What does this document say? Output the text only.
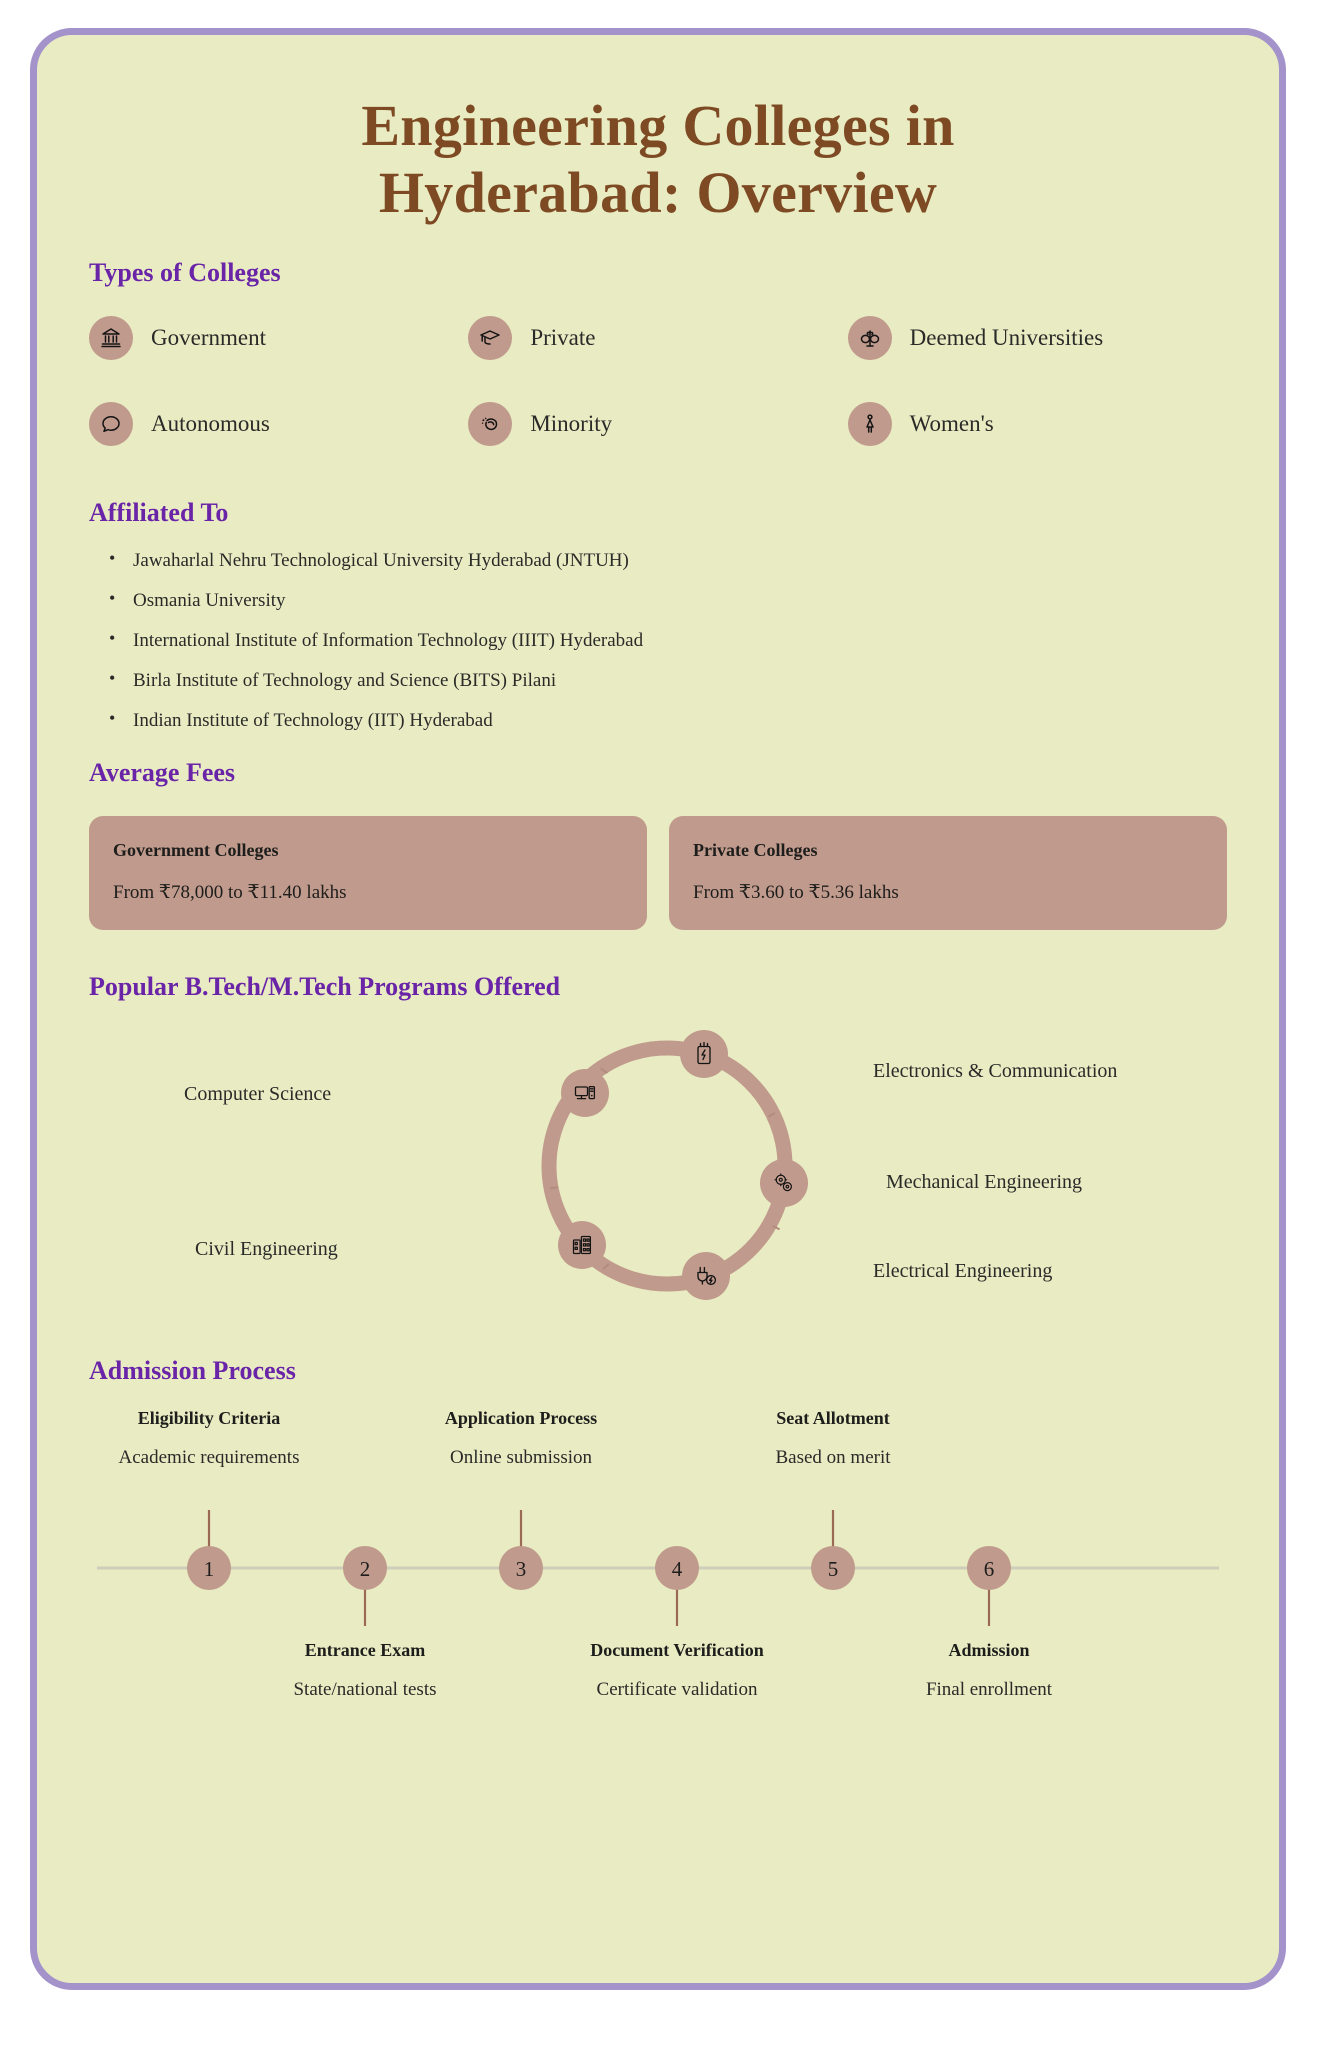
Engineering Colleges in
Hyderabad: Overview
Types of Colleges
Government	Private	Deemed Universities
Autonomous	Minority	Women's
Affiliated To
• Jawaharlal Nehru Technological University Hyderabad (JNTUH)
• Osmania University
• International Institute of Information Technology (IIIT) Hyderabad
• Birla Institute of Technology and Science (BITS) Pilani
• Indian Institute of Technology (IIT) Hyderabad
Average Fees
Government Colleges

From ₹78,000 to ₹11.40 lakhs

Private Colleges

From ₹3.60 to ₹5.36 lakhs

Popular B.Tech/M.Tech Programs Offered
Electronics & Communication
Mechanical Engineering
Electrical Engineering
Civil Engineering
Computer Science
Admission Process
1	2	3	4	5	6
Eligibility Criteria
Academic requirements
Application Process
Online submission
Seat Allotment
Based on merit
Entrance Exam
State/national tests
Document Verification
Certificate validation
Admission
Final enrollment
